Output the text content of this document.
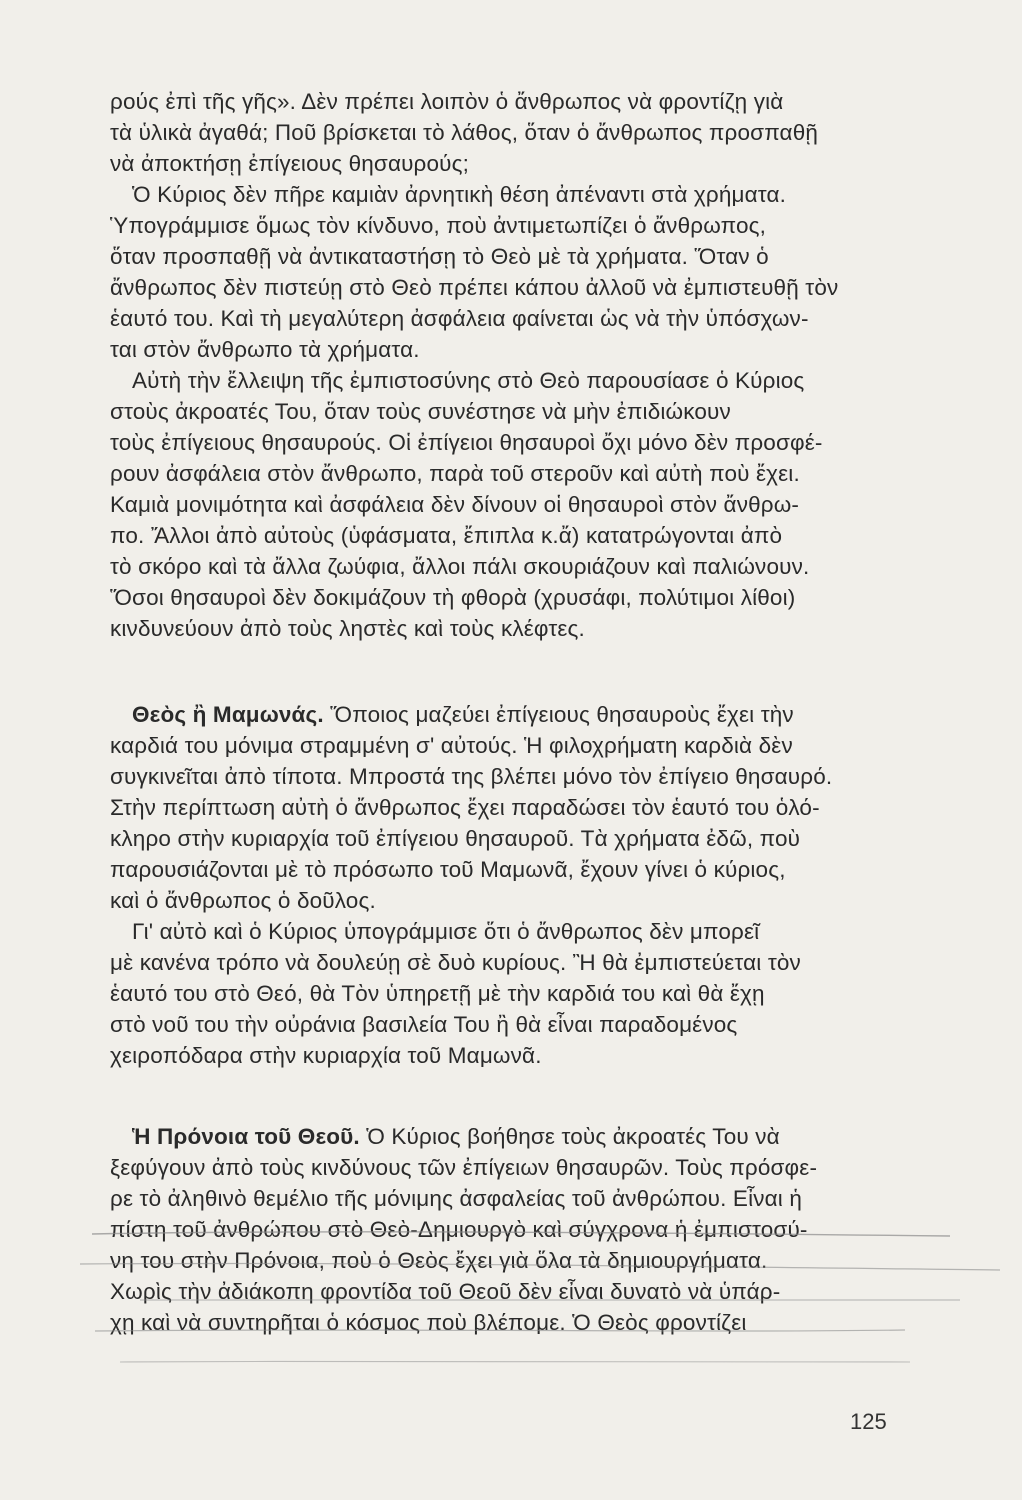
ρούς ἐπὶ τῆς γῆς». Δὲν πρέπει λοιπὸν ὁ ἄνθρωπος νὰ φροντίζῃ γιὰ
τὰ ὑλικὰ ἀγαθά; Ποῦ βρίσκεται τὸ λάθος, ὅταν ὁ ἄνθρωπος προσπαθῇ
νὰ ἀποκτήσῃ ἐπίγειους θησαυρούς;
Ὁ Κύριος δὲν πῆρε καμιὰν ἀρνητικὴ θέση ἀπέναντι στὰ χρήματα.
Ὑπογράμμισε ὅμως τὸν κίνδυνο, ποὺ ἀντιμετωπίζει ὁ ἄνθρωπος,
ὅταν προσπαθῇ νὰ ἀντικαταστήσῃ τὸ Θεὸ μὲ τὰ χρήματα. Ὅταν ὁ
ἄνθρωπος δὲν πιστεύῃ στὸ Θεὸ πρέπει κάπου ἀλλοῦ νὰ ἐμπιστευθῇ τὸν
ἑαυτό του. Καὶ τὴ μεγαλύτερη ἀσφάλεια φαίνεται ὡς νὰ τὴν ὑπόσχων-
ται στὸν ἄνθρωπο τὰ χρήματα.
Αὐτὴ τὴν ἔλλειψη τῆς ἐμπιστοσύνης στὸ Θεὸ παρουσίασε ὁ Κύριος
στοὺς ἀκροατές Του, ὅταν τοὺς συνέστησε νὰ μὴν ἐπιδιώκουν
τοὺς ἐπίγειους θησαυρούς. Οἱ ἐπίγειοι θησαυροὶ ὄχι μόνο δὲν προσφέ-
ρουν ἀσφάλεια στὸν ἄνθρωπο, παρὰ τοῦ στεροῦν καὶ αὐτὴ ποὺ ἔχει.
Καμιὰ μονιμότητα καὶ ἀσφάλεια δὲν δίνουν οἱ θησαυροὶ στὸν ἄνθρω-
πο. Ἄλλοι ἀπὸ αὐτοὺς (ὑφάσματα, ἔπιπλα κ.ἄ) κατατρώγονται ἀπὸ
τὸ σκόρο καὶ τὰ ἄλλα ζωύφια, ἄλλοι πάλι σκουριάζουν καὶ παλιώνουν.
Ὅσοι θησαυροὶ δὲν δοκιμάζουν τὴ φθορὰ (χρυσάφι, πολύτιμοι λίθοι)
κινδυνεύουν ἀπὸ τοὺς ληστὲς καὶ τοὺς κλέφτες.
Θεὸς ἢ Μαμωνάς. Ὅποιος μαζεύει ἐπίγειους θησαυροὺς ἔχει τὴν
καρδιά του μόνιμα στραμμένη σ' αὐτούς. Ἡ φιλοχρήματη καρδιὰ δὲν
συγκινεῖται ἀπὸ τίποτα. Μπροστά της βλέπει μόνο τὸν ἐπίγειο θησαυρό.
Στὴν περίπτωση αὐτὴ ὁ ἄνθρωπος ἔχει παραδώσει τὸν ἑαυτό του ὁλό-
κληρο στὴν κυριαρχία τοῦ ἐπίγειου θησαυροῦ. Τὰ χρήματα ἐδῶ, ποὺ
παρουσιάζονται μὲ τὸ πρόσωπο τοῦ Μαμωνᾶ, ἔχουν γίνει ὁ κύριος,
καὶ ὁ ἄνθρωπος ὁ δοῦλος.
Γι' αὐτὸ καὶ ὁ Κύριος ὑπογράμμισε ὅτι ὁ ἄνθρωπος δὲν μπορεῖ
μὲ κανένα τρόπο νὰ δουλεύῃ σὲ δυὸ κυρίους. Ἢ θὰ ἐμπιστεύεται τὸν
ἑαυτό του στὸ Θεό, θὰ Τὸν ὑπηρετῇ μὲ τὴν καρδιά του καὶ θὰ ἔχῃ
στὸ νοῦ του τὴν οὐράνια βασιλεία Του ἢ θὰ εἶναι παραδομένος
χειροπόδαρα στὴν κυριαρχία τοῦ Μαμωνᾶ.
Ἡ Πρόνοια τοῦ Θεοῦ. Ὁ Κύριος βοήθησε τοὺς ἀκροατές Του νὰ
ξεφύγουν ἀπὸ τοὺς κινδύνους τῶν ἐπίγειων θησαυρῶν. Τοὺς πρόσφε-
ρε τὸ ἀληθινὸ θεμέλιο τῆς μόνιμης ἀσφαλείας τοῦ ἀνθρώπου. Εἶναι ἡ
πίστη τοῦ ἀνθρώπου στὸ Θεὸ-Δημιουργὸ καὶ σύγχρονα ἡ ἐμπιστοσύ-
νη του στὴν Πρόνοια, ποὺ ὁ Θεὸς ἔχει γιὰ ὅλα τὰ δημιουργήματα.
Χωρὶς τὴν ἀδιάκοπη φροντίδα τοῦ Θεοῦ δὲν εἶναι δυνατὸ νὰ ὑπάρ-
χῃ καὶ νὰ συντηρῆται ὁ κόσμος ποὺ βλέπομε. Ὁ Θεὸς φροντίζει
125
